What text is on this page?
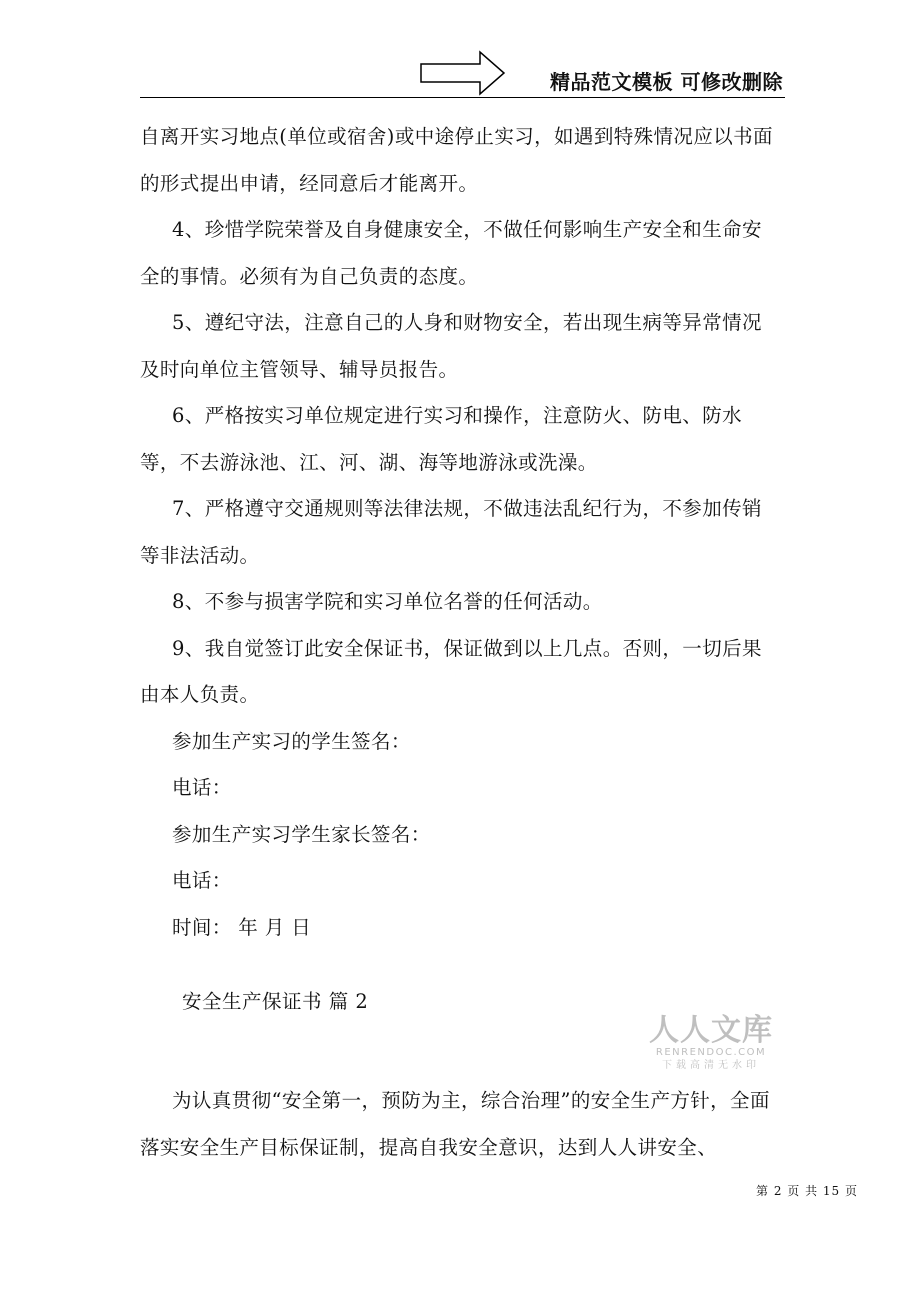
精品范文模板 可修改删除

自离开实习地点(单位或宿舍)或中途停止实习，如遇到特殊情况应以书面的形式提出申请，经同意后才能离开。

4、珍惜学院荣誉及自身健康安全，不做任何影响生产安全和生命安全的事情。必须有为自己负责的态度。

5、遵纪守法，注意自己的人身和财物安全，若出现生病等异常情况及时向单位主管领导、辅导员报告。

6、严格按实习单位规定进行实习和操作，注意防火、防电、防水等，不去游泳池、江、河、湖、海等地游泳或洗澡。

7、严格遵守交通规则等法律法规，不做违法乱纪行为，不参加传销等非法活动。

8、不参与损害学院和实习单位名誉的任何活动。

9、我自觉签订此安全保证书，保证做到以上几点。否则，一切后果由本人负责。

参加生产实习的学生签名：

电话：

参加生产实习学生家长签名：

电话：

时间： 年 月 日

安全生产保证书 篇 2
人人文库
RENRENDOC.COM
下载高清无水印

为认真贯彻“安全第一，预防为主，综合治理”的安全生产方针，全面落实安全生产目标保证制，提高自我安全意识，达到人人讲安全、

第 2 页 共 15 页
